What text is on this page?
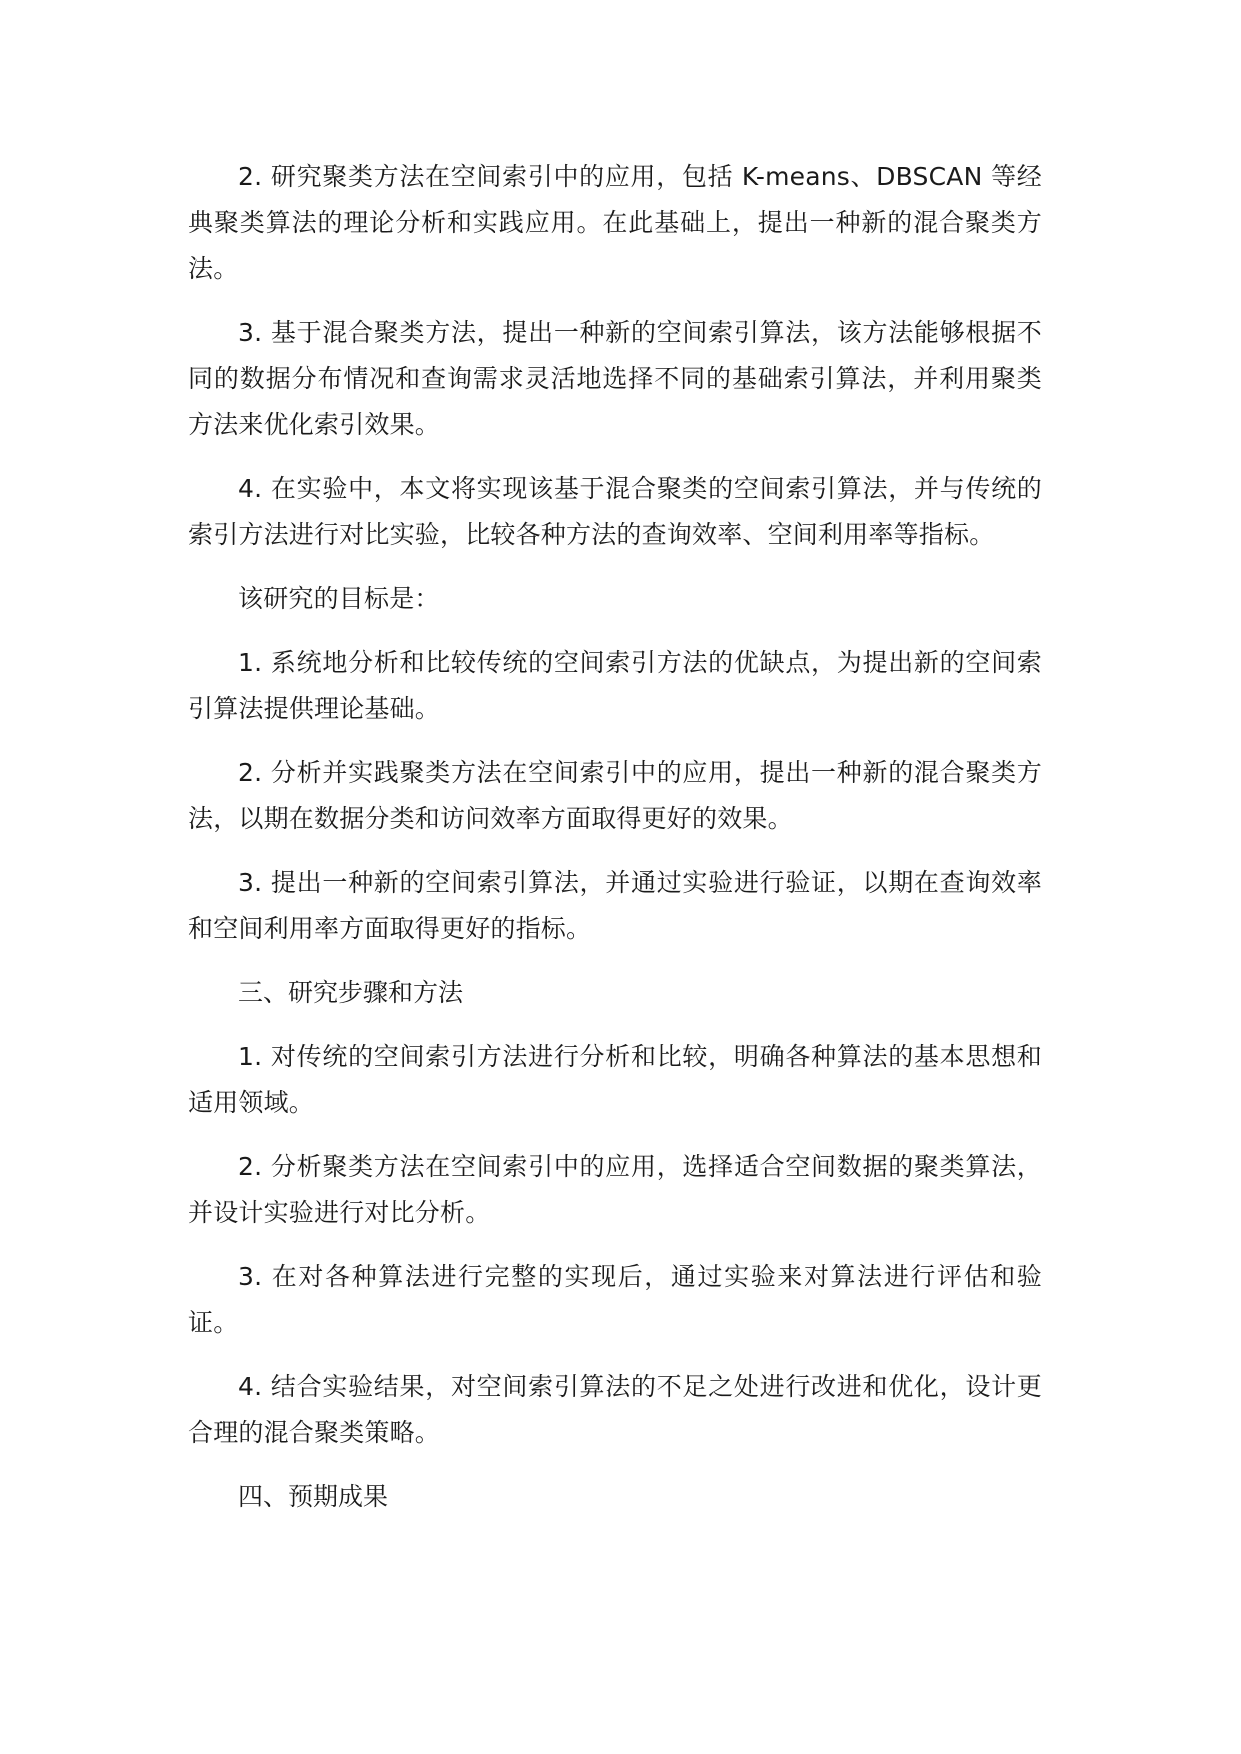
2. 研究聚类方法在空间索引中的应用，包括 K-means、DBSCAN 等经典聚类算法的理论分析和实践应用。在此基础上，提出一种新的混合聚类方法。

3. 基于混合聚类方法，提出一种新的空间索引算法，该方法能够根据不同的数据分布情况和查询需求灵活地选择不同的基础索引算法，并利用聚类方法来优化索引效果。

4. 在实验中，本文将实现该基于混合聚类的空间索引算法，并与传统的索引方法进行对比实验，比较各种方法的查询效率、空间利用率等指标。

该研究的目标是：

1. 系统地分析和比较传统的空间索引方法的优缺点，为提出新的空间索引算法提供理论基础。

2. 分析并实践聚类方法在空间索引中的应用，提出一种新的混合聚类方法，以期在数据分类和访问效率方面取得更好的效果。

3. 提出一种新的空间索引算法，并通过实验进行验证，以期在查询效率和空间利用率方面取得更好的指标。

三、研究步骤和方法

1. 对传统的空间索引方法进行分析和比较，明确各种算法的基本思想和适用领域。

2. 分析聚类方法在空间索引中的应用，选择适合空间数据的聚类算法，并设计实验进行对比分析。

3. 在对各种算法进行完整的实现后，通过实验来对算法进行评估和验证。

4. 结合实验结果，对空间索引算法的不足之处进行改进和优化，设计更合理的混合聚类策略。

四、预期成果
